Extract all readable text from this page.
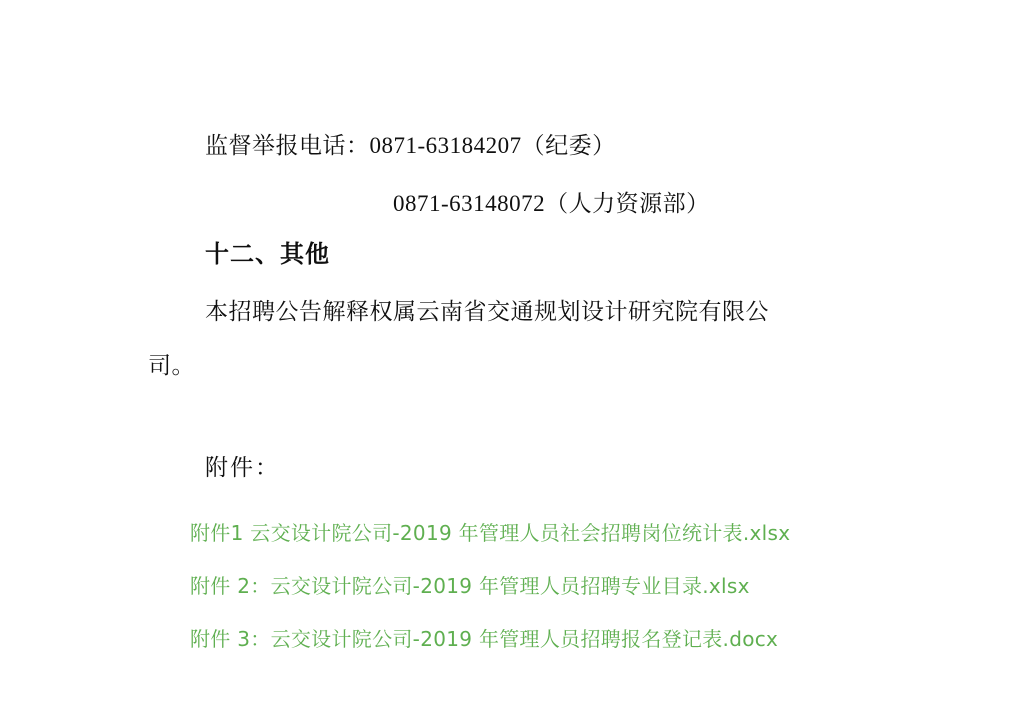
监督举报电话：0871-63184207（纪委）
0871-63148072（人力资源部）
十二、其他
本招聘公告解释权属云南省交通规划设计研究院有限公
司。
附件：
附件1 云交设计院公司-2019 年管理人员社会招聘岗位统计表.xlsx
附件 2：云交设计院公司-2019 年管理人员招聘专业目录.xlsx
附件 3：云交设计院公司-2019 年管理人员招聘报名登记表.docx
